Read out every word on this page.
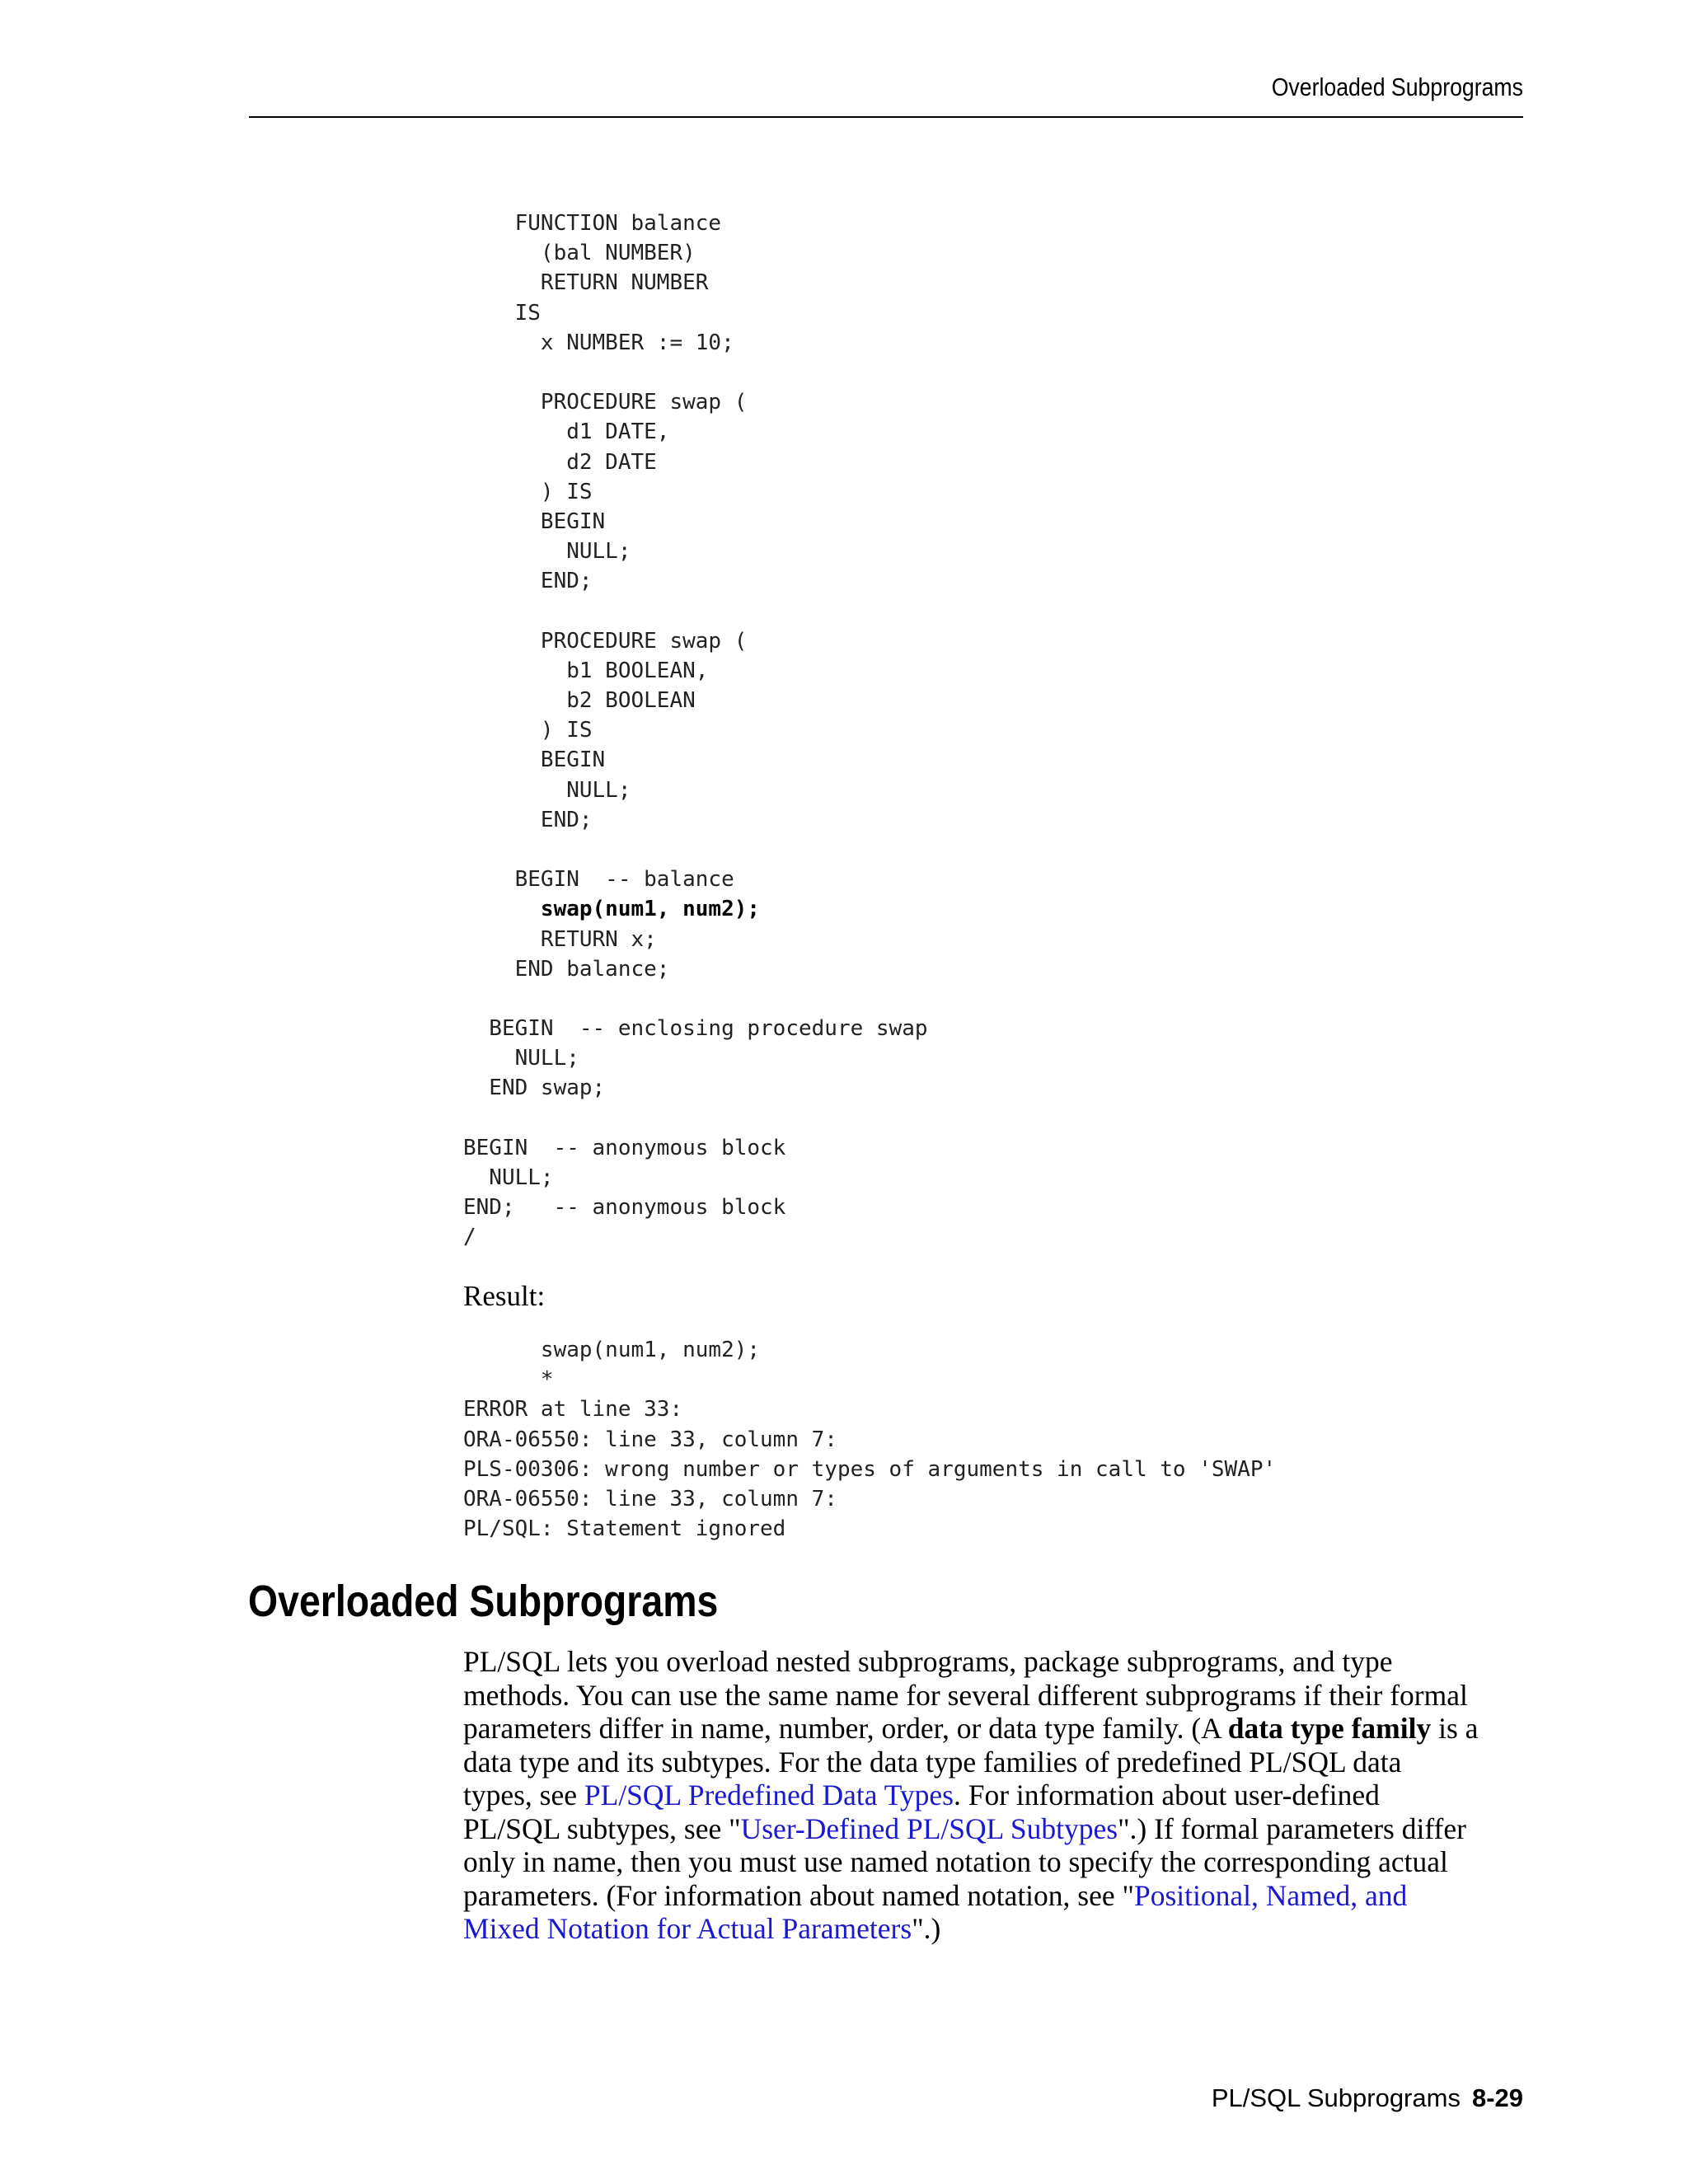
Overloaded Subprograms
FUNCTION balance
(bal NUMBER)
RETURN NUMBER
IS
x NUMBER := 10;
PROCEDURE swap (
d1 DATE,
d2 DATE
) IS
BEGIN
NULL;
END;
PROCEDURE swap (
b1 BOOLEAN,
b2 BOOLEAN
) IS
BEGIN
NULL;
END;
BEGIN  -- balance
swap(num1, num2);
RETURN x;
END balance;
BEGIN  -- enclosing procedure swap
NULL;
END swap;
BEGIN  -- anonymous block
NULL;
END;   -- anonymous block
/
Result:
swap(num1, num2);
*
ERROR at line 33:
ORA-06550: line 33, column 7:
PLS-00306: wrong number or types of arguments in call to 'SWAP'
ORA-06550: line 33, column 7:
PL/SQL: Statement ignored
Overloaded Subprograms

PL/SQL lets you overload nested subprograms, package subprograms, and type
methods. You can use the same name for several different subprograms if their formal
parameters differ in name, number, order, or data type family. (A data type family is a
data type and its subtypes. For the data type families of predefined PL/SQL data
types, see PL/SQL Predefined Data Types. For information about user-defined
PL/SQL subtypes, see "User-Defined PL/SQL Subtypes".) If formal parameters differ
only in name, then you must use named notation to specify the corresponding actual
parameters. (For information about named notation, see "Positional, Named, and
Mixed Notation for Actual Parameters".)

PL/SQL Subprograms 8-29
